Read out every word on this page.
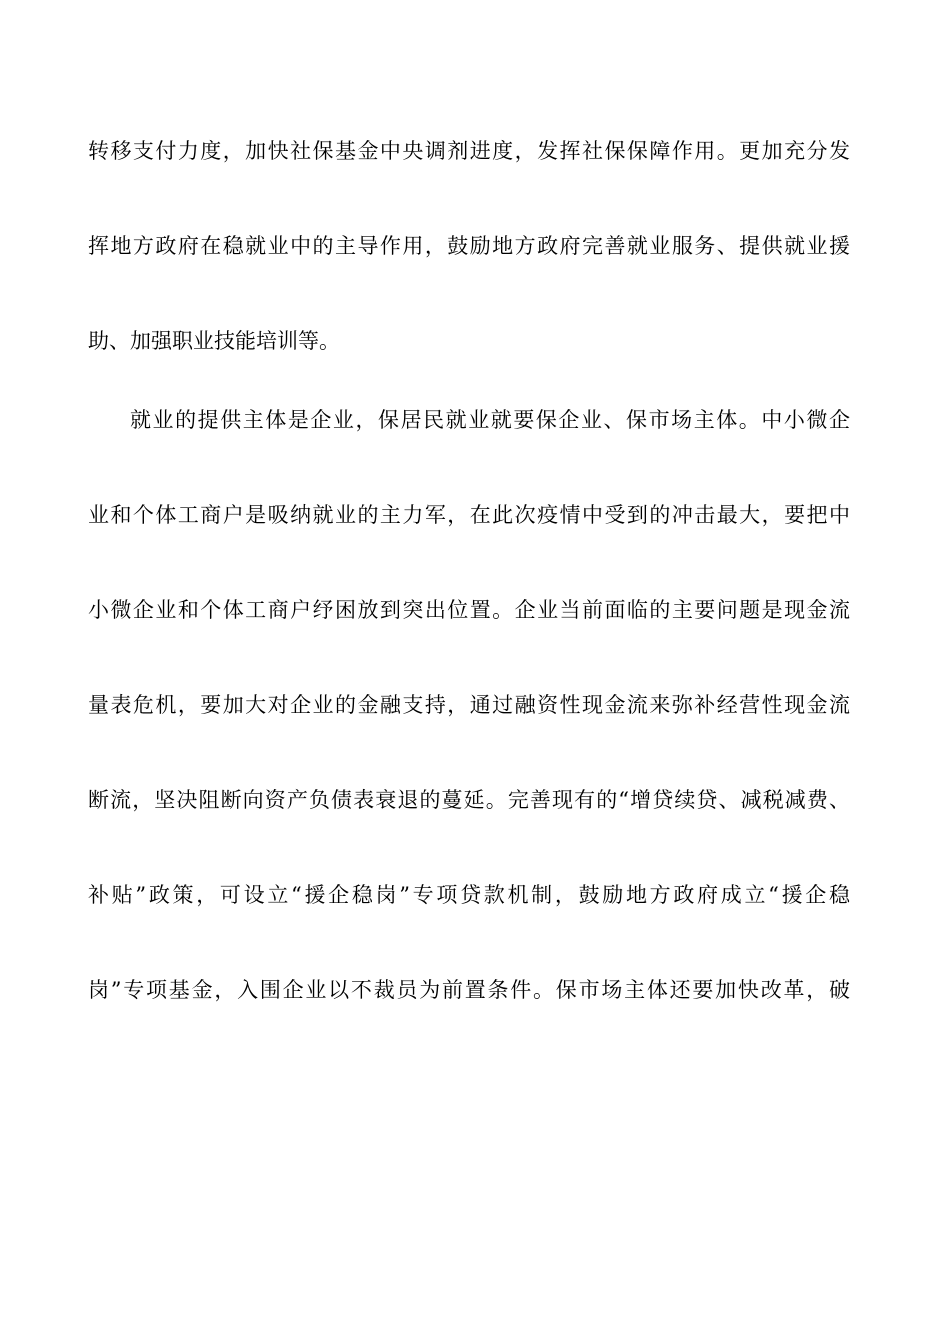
转移支付力度，加快社保基金中央调剂进度，发挥社保保障作用。更加充分发
挥地方政府在稳就业中的主导作用，鼓励地方政府完善就业服务、提供就业援
助、加强职业技能培训等。
就业的提供主体是企业，保居民就业就要保企业、保市场主体。中小微企
业和个体工商户是吸纳就业的主力军，在此次疫情中受到的冲击最大，要把中
小微企业和个体工商户纾困放到突出位置。企业当前面临的主要问题是现金流
量表危机，要加大对企业的金融支持，通过融资性现金流来弥补经营性现金流
断流，坚决阻断向资产负债表衰退的蔓延。完善现有的“增贷续贷、减税减费、
补贴”政策，可设立“援企稳岗”专项贷款机制，鼓励地方政府成立“援企稳
岗”专项基金，入围企业以不裁员为前置条件。保市场主体还要加快改革，破
